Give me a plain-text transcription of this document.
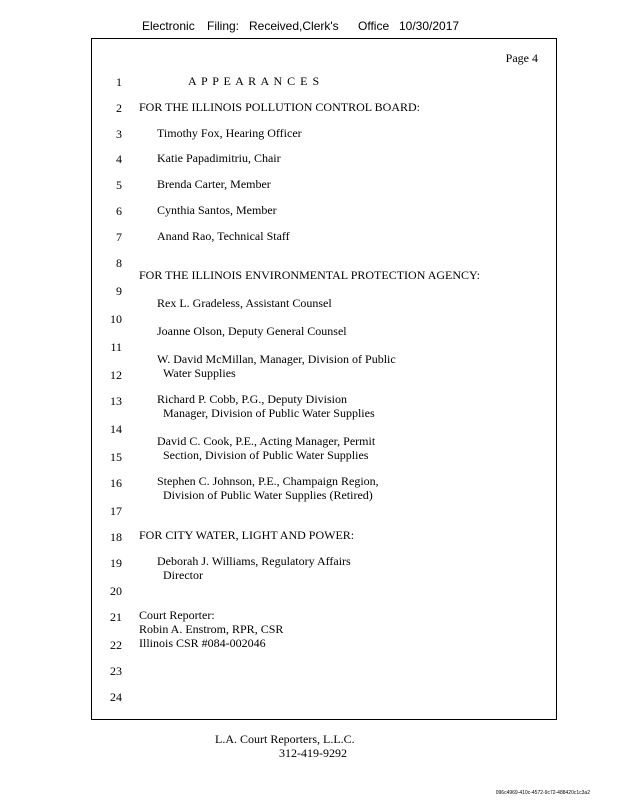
Electronic Filing: Received,Clerk's Office 10/30/2017
Page 4
1
2
3
4
5
6
7
8
9
10
11
12
13
14
15
16
17
18
19
20
21
22
23
24
A P P E A R A N C E S
FOR THE ILLINOIS POLLUTION CONTROL BOARD:
Timothy Fox, Hearing Officer
Katie Papadimitriu, Chair
Brenda Carter, Member
Cynthia Santos, Member
Anand Rao, Technical Staff
FOR THE ILLINOIS ENVIRONMENTAL PROTECTION AGENCY:
Rex L. Gradeless, Assistant Counsel
Joanne Olson, Deputy General Counsel
W. David McMillan, Manager, Division of Public
Water Supplies
Richard P. Cobb, P.G., Deputy Division
Manager, Division of Public Water Supplies
David C. Cook, P.E., Acting Manager, Permit
Section, Division of Public Water Supplies
Stephen C. Johnson, P.E., Champaign Region,
Division of Public Water Supplies (Retired)
FOR CITY WATER, LIGHT AND POWER:
Deborah J. Williams, Regulatory Affairs
Director
Court Reporter:
Robin A. Enstrom, RPR, CSR
Illinois CSR #084-002046
L.A. Court Reporters, L.L.C.
312-419-9292
096c4969-410c-4572-9c72-488420c1c3a2
